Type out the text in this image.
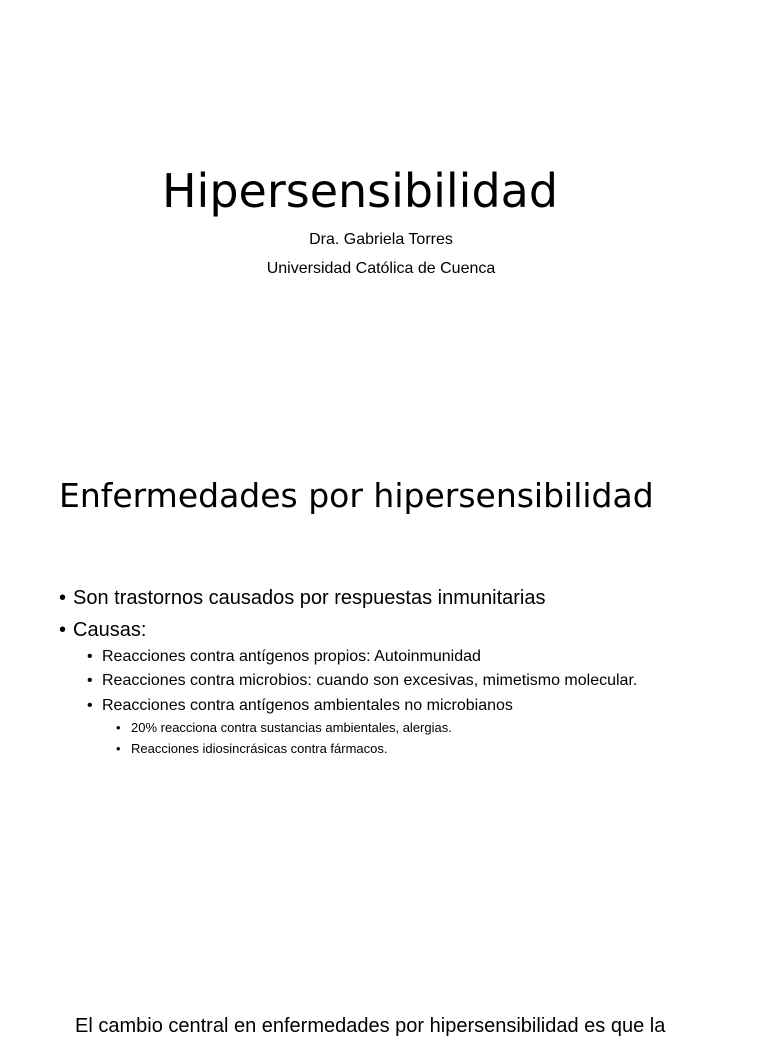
Hipersensibilidad
Dra. Gabriela Torres
Universidad Católica de Cuenca
Enfermedades por hipersensibilidad
• Son trastornos causados por respuestas inmunitarias
• Causas:
• Reacciones contra antígenos propios: Autoinmunidad
• Reacciones contra microbios: cuando son excesivas, mimetismo molecular.
• Reacciones contra antígenos ambientales no microbianos
• 20% reacciona contra sustancias ambientales, alergias.
• Reacciones idiosincrásicas contra fármacos.
El cambio central en enfermedades por hipersensibilidad es que la
